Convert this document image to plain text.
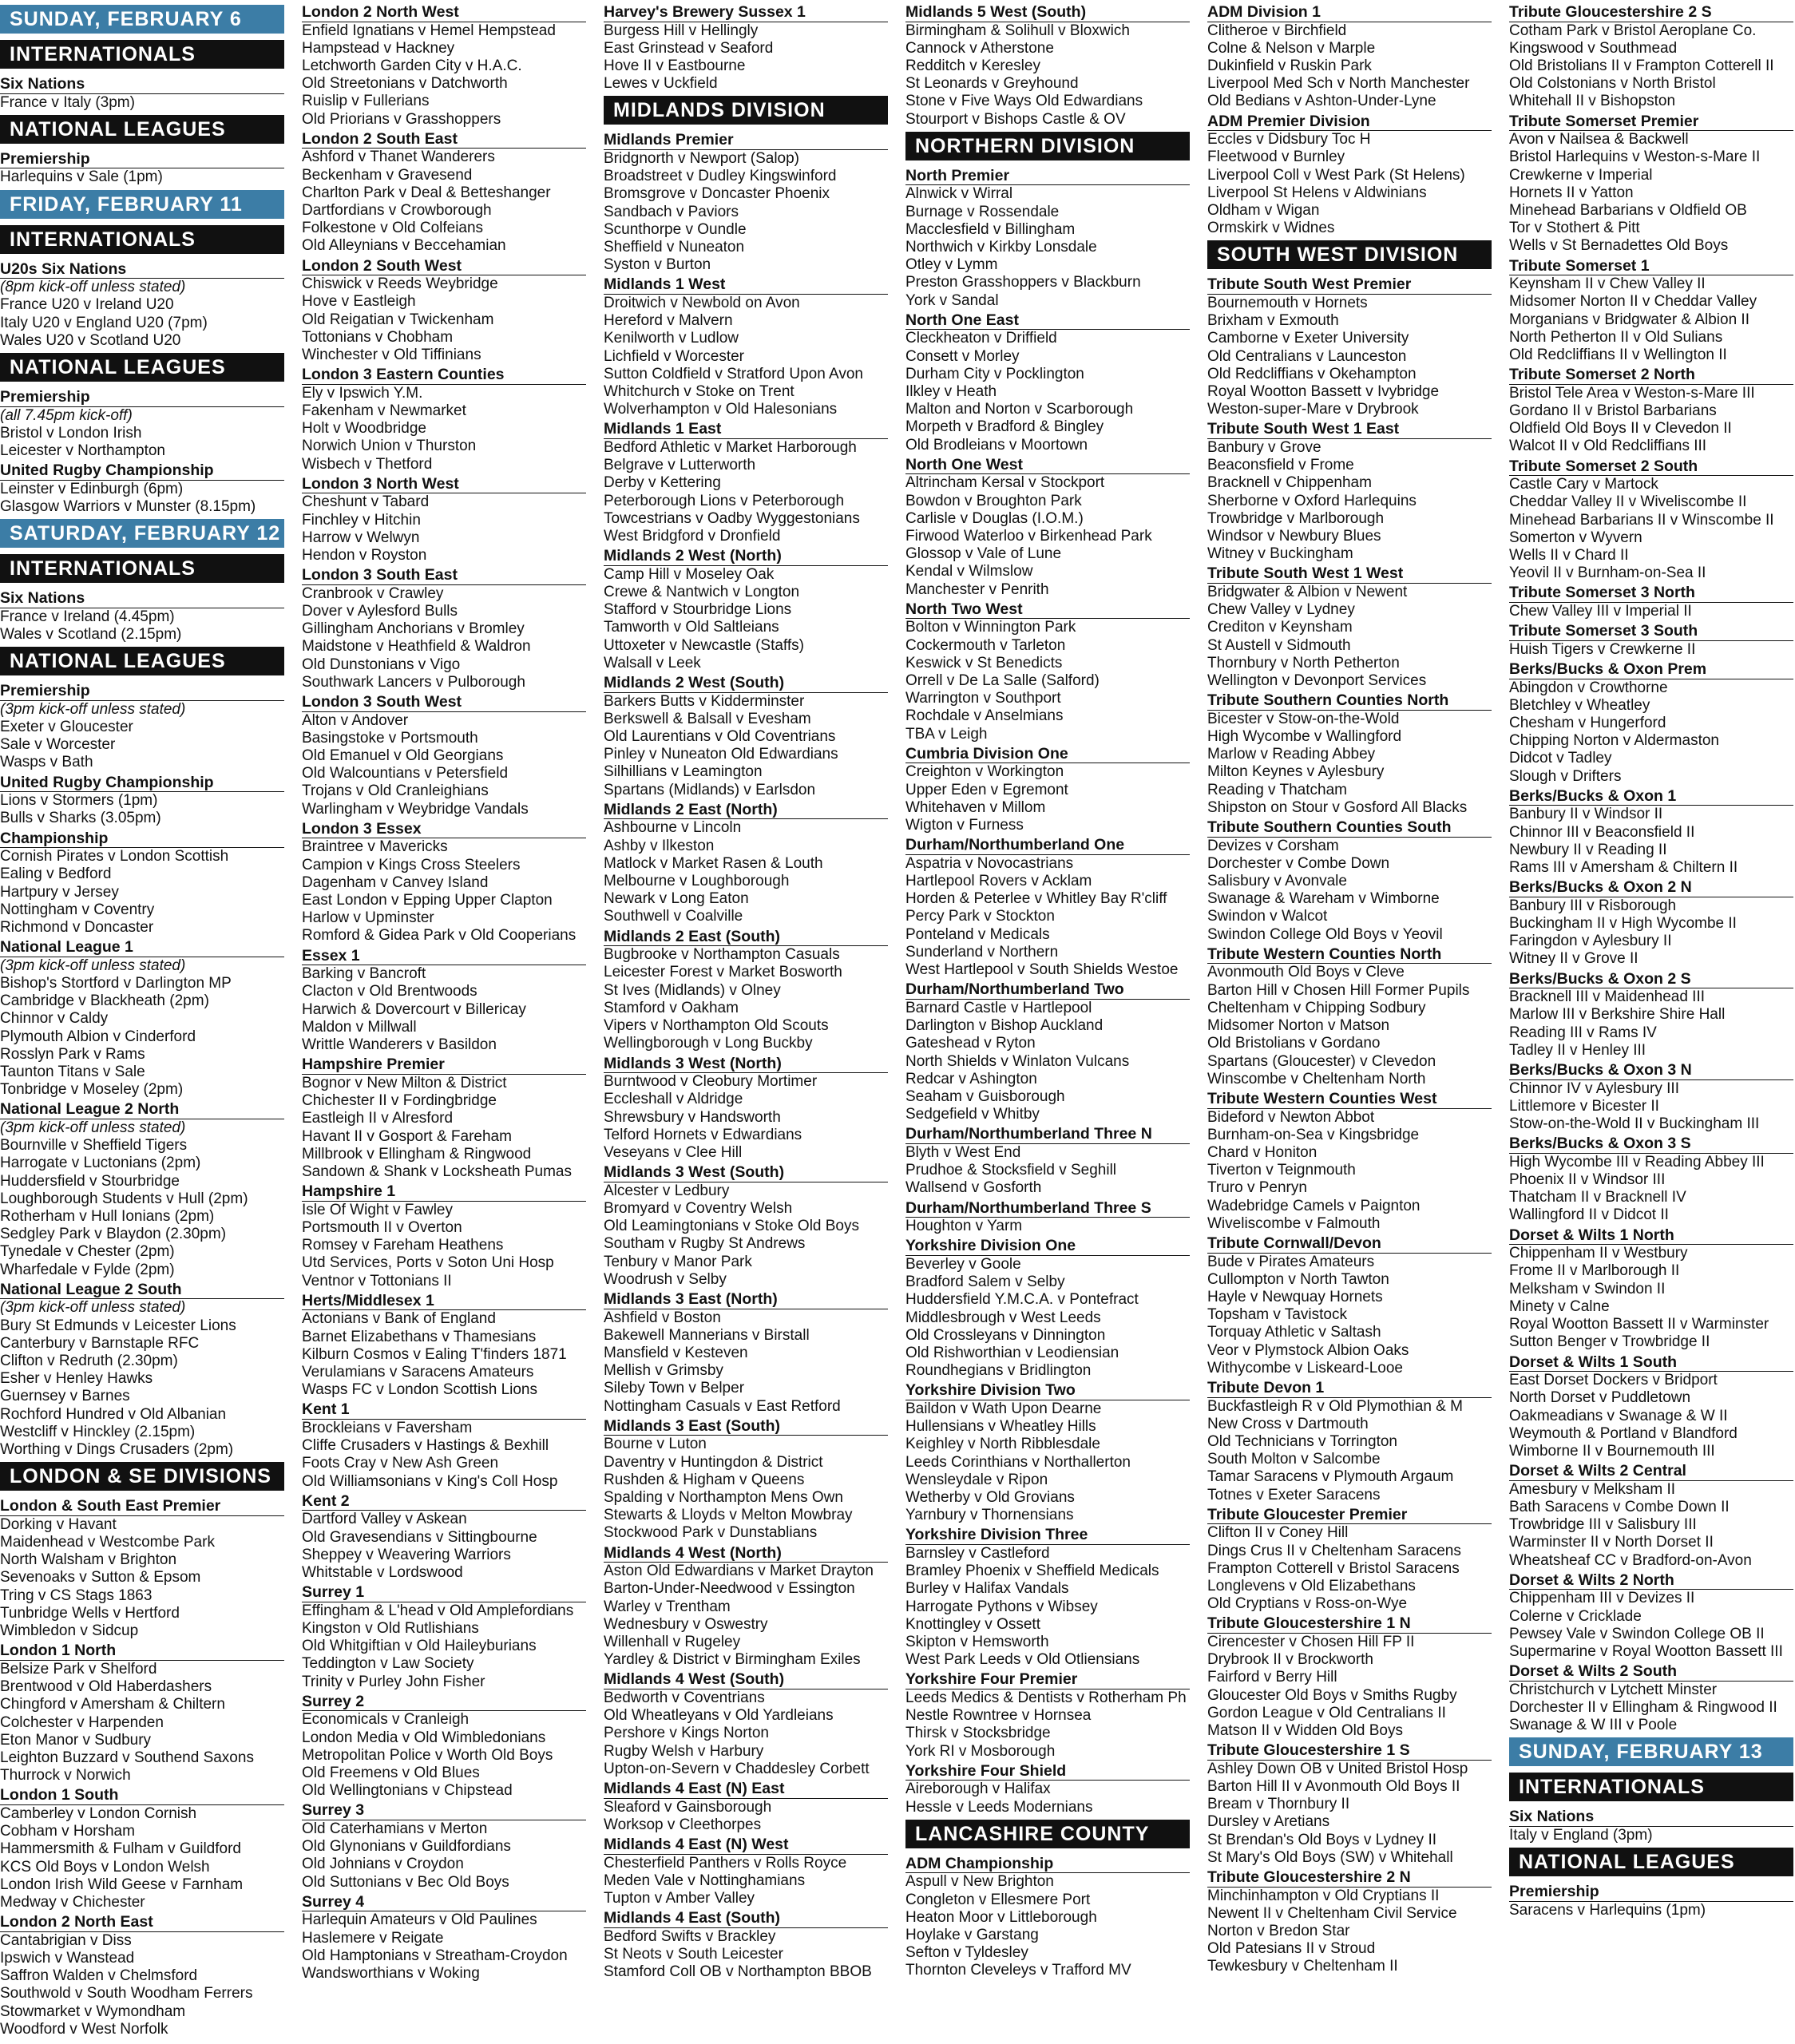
SUNDAY, FEBRUARY 6
INTERNATIONALS
Six Nations
France v Italy (3pm)
NATIONAL LEAGUES
Premiership
Harlequins v Sale (1pm)
FRIDAY, FEBRUARY 11
INTERNATIONALS
U20s Six Nations
(8pm kick-off unless stated)
France U20 v Ireland U20
Italy U20 v England U20 (7pm)
Wales U20 v Scotland U20
NATIONAL LEAGUES
Premiership
(all 7.45pm kick-off)
Bristol v London Irish
Leicester v Northampton
United Rugby Championship
Leinster v Edinburgh (6pm)
Glasgow Warriors v Munster (8.15pm)
SATURDAY, FEBRUARY 12
INTERNATIONALS
Six Nations
France v Ireland (4.45pm)
Wales v Scotland (2.15pm)
NATIONAL LEAGUES
Premiership
(3pm kick-off unless stated)
Exeter v Gloucester
Sale v Worcester
Wasps v Bath
United Rugby Championship
Lions v Stormers (1pm)
Bulls v Sharks (3.05pm)
Championship
Cornish Pirates v London Scottish
Ealing v Bedford
Hartpury v Jersey
Nottingham v Coventry
Richmond v Doncaster
National League 1
(3pm kick-off unless stated)
Bishop's Stortford v Darlington MP
Cambridge v Blackheath (2pm)
Chinnor v Caldy
Plymouth Albion v Cinderford
Rosslyn Park v Rams
Taunton Titans v Sale
Tonbridge v Moseley (2pm)
National League 2 North
(3pm kick-off unless stated)
Bournville v Sheffield Tigers
Harrogate v Luctonians (2pm)
Huddersfield v Stourbridge
Loughborough Students v Hull (2pm)
Rotherham v Hull Ionians (2pm)
Sedgley Park v Blaydon (2.30pm)
Tynedale v Chester (2pm)
Wharfedale v Fylde (2pm)
National League 2 South
(3pm kick-off unless stated)
Bury St Edmunds v Leicester Lions
Canterbury v Barnstaple RFC
Clifton v Redruth (2.30pm)
Esher v Henley Hawks
Guernsey v Barnes
Rochford Hundred v Old Albanian
Westcliff v Hinckley (2.15pm)
Worthing v Dings Crusaders (2pm)
LONDON & SE DIVISIONS
London & South East Premier
Dorking v Havant
Maidenhead v Westcombe Park
North Walsham v Brighton
Sevenoaks v Sutton & Epsom
Tring v CS Stags 1863
Tunbridge Wells v Hertford
Wimbledon v Sidcup
London 1 North
Belsize Park v Shelford
Brentwood v Old Haberdashers
Chingford v Amersham & Chiltern
Colchester v Harpenden
Eton Manor v Sudbury
Leighton Buzzard v Southend Saxons
Thurrock v Norwich
London 1 South
Camberley v London Cornish
Cobham v Horsham
Hammersmith & Fulham v Guildford
KCS Old Boys v London Welsh
London Irish Wild Geese v Farnham
Medway v Chichester
London 2 North East
Cantabrigian v Diss
Ipswich v Wanstead
Saffron Walden v Chelmsford
Southwold v South Woodham Ferrers
Stowmarket v Wymondham
Woodford v West Norfolk
London 2 North West
Enfield Ignatians v Hemel Hempstead
Hampstead v Hackney
Letchworth Garden City v H.A.C.
Old Streetonians v Datchworth
Ruislip v Fullerians
Old Priorians v Grasshoppers
London 2 South East
Ashford v Thanet Wanderers
Beckenham v Gravesend
Charlton Park v Deal & Betteshanger
Dartfordians v Crowborough
Folkestone v Old Colfeians
Old Alleynians v Beccehamian
London 2 South West
Chiswick v Reeds Weybridge
Hove v Eastleigh
Old Reigatian v Twickenham
Tottonians v Chobham
Winchester v Old Tiffinians
London 3 Eastern Counties
Ely v Ipswich Y.M.
Fakenham v Newmarket
Holt v Woodbridge
Norwich Union v Thurston
Wisbech v Thetford
London 3 North West
Cheshunt v Tabard
Finchley v Hitchin
Harrow v Welwyn
Hendon v Royston
London 3 South East
Cranbrook v Crawley
Dover v Aylesford Bulls
Gillingham Anchorians v Bromley
Maidstone v Heathfield & Waldron
Old Dunstonians v Vigo
Southwark Lancers v Pulborough
London 3 South West
Alton v Andover
Basingstoke v Portsmouth
Old Emanuel v Old Georgians
Old Walcountians v Petersfield
Trojans v Old Cranleighians
Warlingham v Weybridge Vandals
London 3 Essex
Braintree v Mavericks
Campion v Kings Cross Steelers
Dagenham v Canvey Island
East London v Epping Upper Clapton
Harlow v Upminster
Romford & Gidea Park v Old Cooperians
Essex 1
Barking v Bancroft
Clacton v Old Brentwoods
Harwich & Dovercourt v Billericay
Maldon v Millwall
Writtle Wanderers v Basildon
Hampshire Premier
Bognor v New Milton & District
Chichester II v Fordingbridge
Eastleigh II v Alresford
Havant II v Gosport & Fareham
Millbrook v Ellingham & Ringwood
Sandown & Shank v Locksheath Pumas
Hampshire 1
Isle Of Wight v Fawley
Portsmouth II v Overton
Romsey v Fareham Heathens
Utd Services, Ports v Soton Uni Hosp
Ventnor v Tottonians II
Herts/Middlesex 1
Actonians v Bank of England
Barnet Elizabethans v Thamesians
Kilburn Cosmos v Ealing T'finders 1871
Verulamians v Saracens Amateurs
Wasps FC v London Scottish Lions
Kent 1
Brockleians v Faversham
Cliffe Crusaders v Hastings & Bexhill
Foots Cray v New Ash Green
Old Williamsonians v King's Coll Hosp
Kent 2
Dartford Valley v Askean
Old Gravesendians v Sittingbourne
Sheppey v Weavering Warriors
Whitstable v Lordswood
Surrey 1
Effingham & L'head v Old Amplefordians
Kingston v Old Rutlishians
Old Whitgiftian v Old Haileyburians
Teddington v Law Society
Trinity v Purley John Fisher
Surrey 2
Economicals v Cranleigh
London Media v Old Wimbledonians
Metropolitan Police v Worth Old Boys
Old Freemens v Old Blues
Old Wellingtonians v Chipstead
Surrey 3
Old Caterhamians v Merton
Old Glynonians v Guildfordians
Old Johnians v Croydon
Old Suttonians v Bec Old Boys
Surrey 4
Harlequin Amateurs v Old Paulines
Haslemere v Reigate
Old Hamptonians v Streatham-Croydon
Wandsworthians v Woking
Harvey's Brewery Sussex 1
Burgess Hill v Hellingly
East Grinstead v Seaford
Hove II v Eastbourne
Lewes v Uckfield
MIDLANDS DIVISION
Midlands Premier
Bridgnorth v Newport (Salop)
Broadstreet v Dudley Kingswinford
Bromsgrove v Doncaster Phoenix
Sandbach v Paviors
Scunthorpe v Oundle
Sheffield v Nuneaton
Syston v Burton
Midlands 1 West
Droitwich v Newbold on Avon
Hereford v Malvern
Kenilworth v Ludlow
Lichfield v Worcester
Sutton Coldfield v Stratford Upon Avon
Whitchurch v Stoke on Trent
Wolverhampton v Old Halesonians
Midlands 1 East
Bedford Athletic v Market Harborough
Belgrave v Lutterworth
Derby v Kettering
Peterborough Lions v Peterborough
Towcestrians v Oadby Wyggestonians
West Bridgford v Dronfield
Midlands 2 West (North)
Camp Hill v Moseley Oak
Crewe & Nantwich v Longton
Stafford v Stourbridge Lions
Tamworth v Old Saltleians
Uttoxeter v Newcastle (Staffs)
Walsall v Leek
Midlands 2 West (South)
Barkers Butts v Kidderminster
Berkswell & Balsall v Evesham
Old Laurentians v Old Coventrians
Pinley v Nuneaton Old Edwardians
Silhillians v Leamington
Spartans (Midlands) v Earlsdon
Midlands 2 East (North)
Ashbourne v Lincoln
Ashby v Ilkeston
Matlock v Market Rasen & Louth
Melbourne v Loughborough
Newark v Long Eaton
Southwell v Coalville
Midlands 2 East (South)
Bugbrooke v Northampton Casuals
Leicester Forest v Market Bosworth
St Ives (Midlands) v Olney
Stamford v Oakham
Vipers v Northampton Old Scouts
Wellingborough v Long Buckby
Midlands 3 West (North)
Burntwood v Cleobury Mortimer
Eccleshall v Aldridge
Shrewsbury v Handsworth
Telford Hornets v Edwardians
Veseyans v Clee Hill
Midlands 3 West (South)
Alcester v Ledbury
Bromyard v Coventry Welsh
Old Leamingtonians v Stoke Old Boys
Southam v Rugby St Andrews
Tenbury v Manor Park
Woodrush v Selby
Midlands 3 East (North)
Ashfield v Boston
Bakewell Mannerians v Birstall
Mansfield v Kesteven
Mellish v Grimsby
Sileby Town v Belper
Nottingham Casuals v East Retford
Midlands 3 East (South)
Bourne v Luton
Daventry v Huntingdon & District
Rushden & Higham v Queens
Spalding v Northampton Mens Own
Stewarts & Lloyds v Melton Mowbray
Stockwood Park v Dunstablians
Midlands 4 West (North)
Aston Old Edwardians v Market Drayton
Barton-Under-Needwood v Essington
Warley v Trentham
Wednesbury v Oswestry
Willenhall v Rugeley
Yardley & District v Birmingham Exiles
Midlands 4 West (South)
Bedworth v Coventrians
Old Wheatleyans v Old Yardleians
Pershore v Kings Norton
Rugby Welsh v Harbury
Upton-on-Severn v Chaddesley Corbett
Midlands 4 East (N) East
Sleaford v Gainsborough
Worksop v Cleethorpes
Midlands 4 East (N) West
Chesterfield Panthers v Rolls Royce
Meden Vale v Nottinghamians
Tupton v Amber Valley
Midlands 4 East (South)
Bedford Swifts v Brackley
St Neots v South Leicester
Stamford Coll OB v Northampton BBOB
Midlands 5 West (South)
Birmingham & Solihull v Bloxwich
Cannock v Atherstone
Redditch v Keresley
St Leonards v Greyhound
Stone v Five Ways Old Edwardians
Stourport v Bishops Castle & OV
NORTHERN DIVISION
North Premier
Alnwick v Wirral
Burnage v Rossendale
Macclesfield v Billingham
Northwich v Kirkby Lonsdale
Otley v Lymm
Preston Grasshoppers v Blackburn
York v Sandal
North One East
Cleckheaton v Driffield
Consett v Morley
Durham City v Pocklington
Ilkley v Heath
Malton and Norton v Scarborough
Morpeth v Bradford & Bingley
Old Brodleians v Moortown
North One West
Altrincham Kersal v Stockport
Bowdon v Broughton Park
Carlisle v Douglas (I.O.M.)
Firwood Waterloo v Birkenhead Park
Glossop v Vale of Lune
Kendal v Wilmslow
Manchester v Penrith
North Two West
Bolton v Winnington Park
Cockermouth v Tarleton
Keswick v St Benedicts
Orrell v De La Salle (Salford)
Warrington v Southport
Rochdale v Anselmians
TBA v Leigh
Cumbria Division One
Creighton v Workington
Upper Eden v Egremont
Whitehaven v Millom
Wigton v Furness
Durham/Northumberland One
Aspatria v Novocastrians
Hartlepool Rovers v Acklam
Horden & Peterlee v Whitley Bay R'cliff
Percy Park v Stockton
Ponteland v Medicals
Sunderland v Northern
West Hartlepool v South Shields Westoe
Durham/Northumberland Two
Barnard Castle v Hartlepool
Darlington v Bishop Auckland
Gateshead v Ryton
North Shields v Winlaton Vulcans
Redcar v Ashington
Seaham v Guisborough
Sedgefield v Whitby
Durham/Northumberland Three N
Blyth v West End
Prudhoe & Stocksfield v Seghill
Wallsend v Gosforth
Durham/Northumberland Three S
Houghton v Yarm
Yorkshire Division One
Beverley v Goole
Bradford Salem v Selby
Huddersfield Y.M.C.A. v Pontefract
Middlesbrough v West Leeds
Old Crossleyans v Dinnington
Old Rishworthian v Leodiensian
Roundhegians v Bridlington
Yorkshire Division Two
Baildon v Wath Upon Dearne
Hullensians v Wheatley Hills
Keighley v North Ribblesdale
Leeds Corinthians v Northallerton
Wensleydale v Ripon
Wetherby v Old Grovians
Yarnbury v Thornensians
Yorkshire Division Three
Barnsley v Castleford
Bramley Phoenix v Sheffield Medicals
Burley v Halifax Vandals
Harrogate Pythons v Wibsey
Knottingley v Ossett
Skipton v Hemsworth
West Park Leeds v Old Otliensians
Yorkshire Four Premier
Leeds Medics & Dentists v Rotherham Ph
Nestle Rowntree v Hornsea
Thirsk v Stocksbridge
York RI v Mosborough
Yorkshire Four Shield
Aireborough v Halifax
Hessle v Leeds Modernians
LANCASHIRE COUNTY
ADM Championship
Aspull v New Brighton
Congleton v Ellesmere Port
Heaton Moor v Littleborough
Hoylake v Garstang
Sefton v Tyldesley
Thornton Cleveleys v Trafford MV
ADM Division 1
Clitheroe v Birchfield
Colne & Nelson v Marple
Dukinfield v Ruskin Park
Liverpool Med Sch v North Manchester
Old Bedians v Ashton-Under-Lyne
ADM Premier Division
Eccles v Didsbury Toc H
Fleetwood v Burnley
Liverpool Coll v West Park (St Helens)
Liverpool St Helens v Aldwinians
Oldham v Wigan
Ormskirk v Widnes
SOUTH WEST DIVISION
Tribute South West Premier
Bournemouth v Hornets
Brixham v Exmouth
Camborne v Exeter University
Old Centralians v Launceston
Old Redcliffians v Okehampton
Royal Wootton Bassett v Ivybridge
Weston-super-Mare v Drybrook
Tribute South West 1 East
Banbury v Grove
Beaconsfield v Frome
Bracknell v Chippenham
Sherborne v Oxford Harlequins
Trowbridge v Marlborough
Windsor v Newbury Blues
Witney v Buckingham
Tribute South West 1 West
Bridgwater & Albion v Newent
Chew Valley v Lydney
Crediton v Keynsham
St Austell v Sidmouth
Thornbury v North Petherton
Wellington v Devonport Services
Tribute Southern Counties North
Bicester v Stow-on-the-Wold
High Wycombe v Wallingford
Marlow v Reading Abbey
Milton Keynes v Aylesbury
Reading v Thatcham
Shipston on Stour v Gosford All Blacks
Tribute Southern Counties South
Devizes v Corsham
Dorchester v Combe Down
Salisbury v Avonvale
Swanage & Wareham v Wimborne
Swindon v Walcot
Swindon College Old Boys v Yeovil
Tribute Western Counties North
Avonmouth Old Boys v Cleve
Barton Hill v Chosen Hill Former Pupils
Cheltenham v Chipping Sodbury
Midsomer Norton v Matson
Old Bristolians v Gordano
Spartans (Gloucester) v Clevedon
Winscombe v Cheltenham North
Tribute Western Counties West
Bideford v Newton Abbot
Burnham-on-Sea v Kingsbridge
Chard v Honiton
Tiverton v Teignmouth
Truro v Penryn
Wadebridge Camels v Paignton
Wiveliscombe v Falmouth
Tribute Cornwall/Devon
Bude v Pirates Amateurs
Cullompton v North Tawton
Hayle v Newquay Hornets
Topsham v Tavistock
Torquay Athletic v Saltash
Veor v Plymstock Albion Oaks
Withycombe v Liskeard-Looe
Tribute Devon 1
Buckfastleigh R v Old Plymothian & M
New Cross v Dartmouth
Old Technicians v Torrington
South Molton v Salcombe
Tamar Saracens v Plymouth Argaum
Totnes v Exeter Saracens
Tribute Gloucester Premier
Clifton II v Coney Hill
Dings Crus II v Cheltenham Saracens
Frampton Cotterell v Bristol Saracens
Longlevens v Old Elizabethans
Old Cryptians v Ross-on-Wye
Tribute Gloucestershire 1 N
Cirencester v Chosen Hill FP II
Drybrook II v Brockworth
Fairford v Berry Hill
Gloucester Old Boys v Smiths Rugby
Gordon League v Old Centralians II
Matson II v Widden Old Boys
Tribute Gloucestershire 1 S
Ashley Down OB v United Bristol Hosp
Barton Hill II v Avonmouth Old Boys II
Bream v Thornbury II
Dursley v Aretians
St Brendan's Old Boys v Lydney II
St Mary's Old Boys (SW) v Whitehall
Tribute Gloucestershire 2 N
Minchinhampton v Old Cryptians II
Newent II v Cheltenham Civil Service
Norton v Bredon Star
Old Patesians II v Stroud
Tewkesbury v Cheltenham II
Tribute Gloucestershire 2 S
Cotham Park v Bristol Aeroplane Co.
Kingswood v Southmead
Old Bristolians II v Frampton Cotterell II
Old Colstonians v North Bristol
Whitehall II v Bishopston
Tribute Somerset Premier
Avon v Nailsea & Backwell
Bristol Harlequins v Weston-s-Mare II
Crewkerne v Imperial
Hornets II v Yatton
Minehead Barbarians v Oldfield OB
Tor v Stothert & Pitt
Wells v St Bernadettes Old Boys
Tribute Somerset 1
Keynsham II v Chew Valley II
Midsomer Norton II v Cheddar Valley
Morganians v Bridgwater & Albion II
North Petherton II v Old Sulians
Old Redcliffians II v Wellington II
Tribute Somerset 2 North
Bristol Tele Area v Weston-s-Mare III
Gordano II v Bristol Barbarians
Oldfield Old Boys II v Clevedon II
Walcot II v Old Redcliffians III
Tribute Somerset 2 South
Castle Cary v Martock
Cheddar Valley II v Wiveliscombe II
Minehead Barbarians II v Winscombe II
Somerton v Wyvern
Wells II v Chard II
Yeovil II v Burnham-on-Sea II
Tribute Somerset 3 North
Chew Valley III v Imperial II
Tribute Somerset 3 South
Huish Tigers v Crewkerne II
Berks/Bucks & Oxon Prem
Abingdon v Crowthorne
Bletchley v Wheatley
Chesham v Hungerford
Chipping Norton v Aldermaston
Didcot v Tadley
Slough v Drifters
Berks/Bucks & Oxon 1
Banbury II v Windsor II
Chinnor III v Beaconsfield II
Newbury II v Reading II
Rams III v Amersham & Chiltern II
Berks/Bucks & Oxon 2 N
Banbury III v Risborough
Buckingham II v High Wycombe II
Faringdon v Aylesbury II
Witney II v Grove II
Berks/Bucks & Oxon 2 S
Bracknell III v Maidenhead III
Marlow III v Berkshire Shire Hall
Reading III v Rams IV
Tadley II v Henley III
Berks/Bucks & Oxon 3 N
Chinnor IV v Aylesbury III
Littlemore v Bicester II
Stow-on-the-Wold II v Buckingham III
Berks/Bucks & Oxon 3 S
High Wycombe III v Reading Abbey III
Phoenix II v Windsor III
Thatcham II v Bracknell IV
Wallingford II v Didcot II
Dorset & Wilts 1 North
Chippenham II v Westbury
Frome II v Marlborough II
Melksham v Swindon II
Minety v Calne
Royal Wootton Bassett II v Warminster
Sutton Benger v Trowbridge II
Dorset & Wilts 1 South
East Dorset Dockers v Bridport
North Dorset v Puddletown
Oakmeadians v Swanage & W II
Weymouth & Portland v Blandford
Wimborne II v Bournemouth III
Dorset & Wilts 2 Central
Amesbury v Melksham II
Bath Saracens v Combe Down II
Trowbridge III v Salisbury III
Warminster II v North Dorset II
Wheatsheaf CC v Bradford-on-Avon
Dorset & Wilts 2 North
Chippenham III v Devizes II
Colerne v Cricklade
Pewsey Vale v Swindon College OB II
Supermarine v Royal Wootton Bassett III
Dorset & Wilts 2 South
Christchurch v Lytchett Minster
Dorchester II v Ellingham & Ringwood II
Swanage & W III v Poole
SUNDAY, FEBRUARY 13
INTERNATIONALS
Six Nations
Italy v England (3pm)
NATIONAL LEAGUES
Premiership
Saracens v Harlequins (1pm)
